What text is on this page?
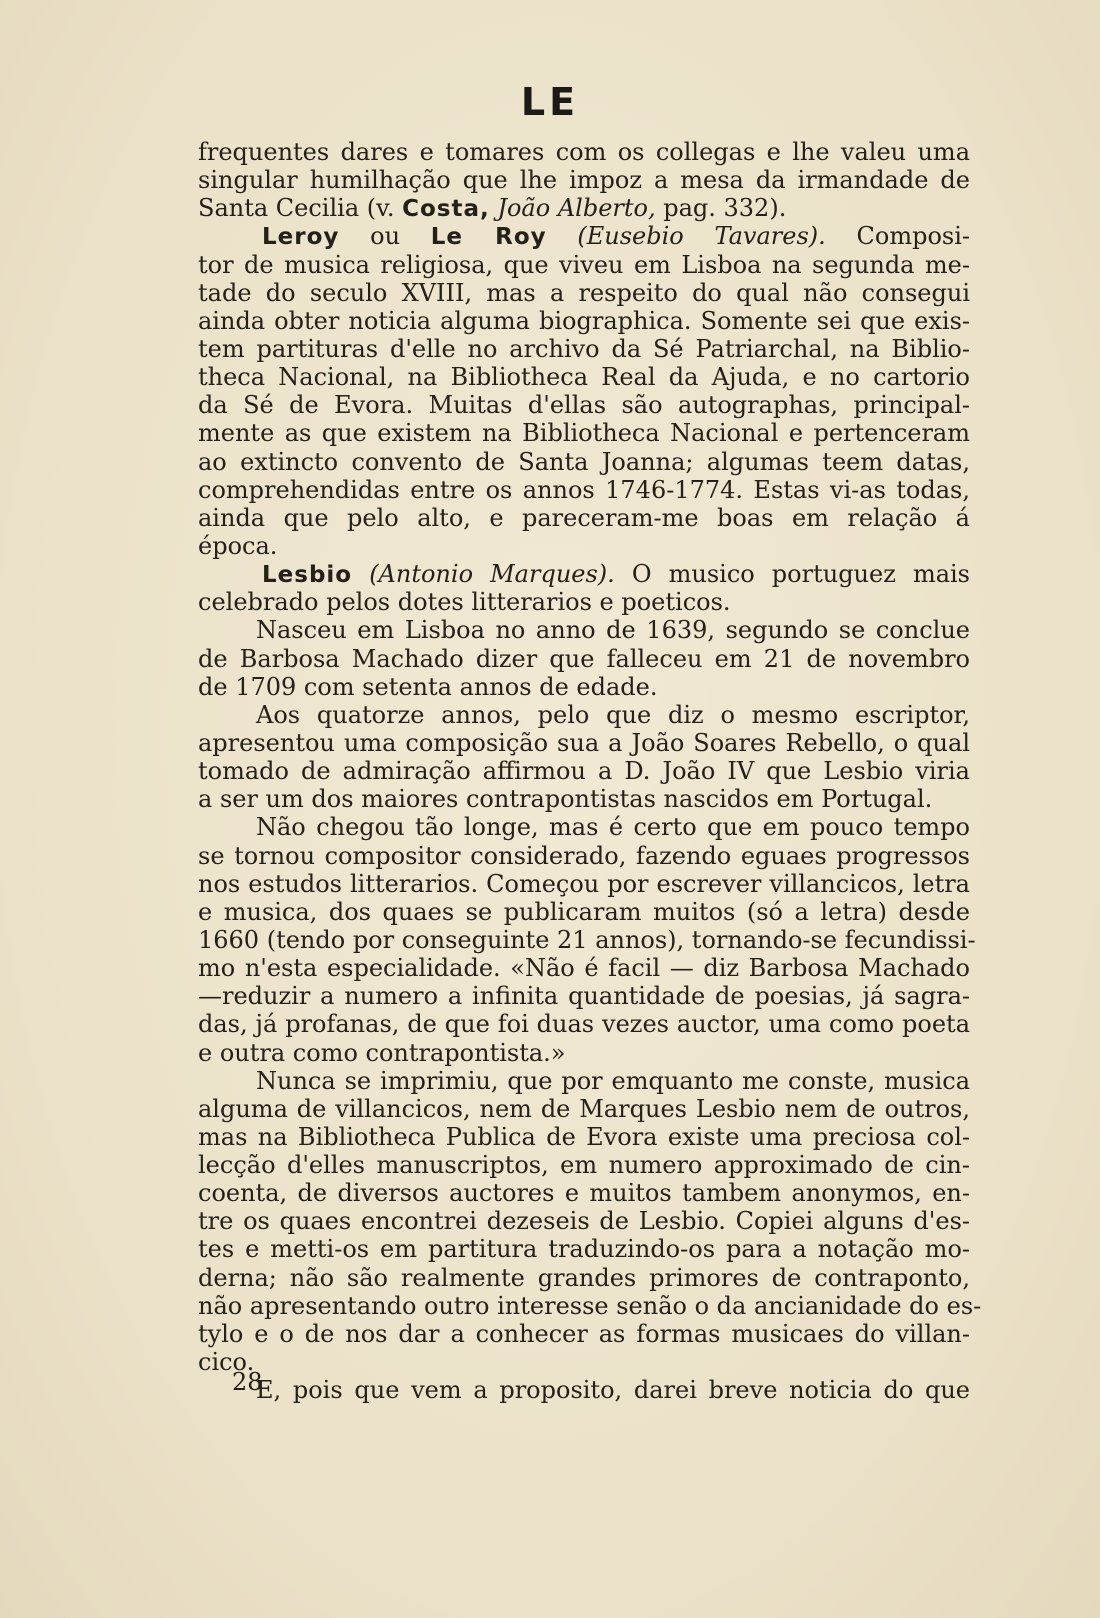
LE
frequentes dares e tomares com os collegas e lhe valeu uma
singular humilhação que lhe impoz a mesa da irmandade de
Santa Cecilia (v. Costa, João Alberto, pag. 332).
Leroy ou Le Roy (Eusebio Tavares). Composi-
tor de musica religiosa, que viveu em Lisboa na segunda me-
tade do seculo XVIII, mas a respeito do qual não consegui
ainda obter noticia alguma biographica. Somente sei que exis-
tem partituras d'elle no archivo da Sé Patriarchal, na Biblio-
theca Nacional, na Bibliotheca Real da Ajuda, e no cartorio
da Sé de Evora. Muitas d'ellas são autographas, principal-
mente as que existem na Bibliotheca Nacional e pertenceram
ao extincto convento de Santa Joanna; algumas teem datas,
comprehendidas entre os annos 1746-1774. Estas vi-as todas,
ainda que pelo alto, e pareceram-me boas em relação á
época.
Lesbio (Antonio Marques). O musico portuguez mais
celebrado pelos dotes litterarios e poeticos.
Nasceu em Lisboa no anno de 1639, segundo se conclue
de Barbosa Machado dizer que falleceu em 21 de novembro
de 1709 com setenta annos de edade.
Aos quatorze annos, pelo que diz o mesmo escriptor,
apresentou uma composição sua a João Soares Rebello, o qual
tomado de admiração affirmou a D. João IV que Lesbio viria
a ser um dos maiores contrapontistas nascidos em Portugal.
Não chegou tão longe, mas é certo que em pouco tempo
se tornou compositor considerado, fazendo eguaes progressos
nos estudos litterarios. Começou por escrever villancicos, letra
e musica, dos quaes se publicaram muitos (só a letra) desde
1660 (tendo por conseguinte 21 annos), tornando-se fecundissi-
mo n'esta especialidade. «Não é facil — diz Barbosa Machado
—reduzir a numero a infinita quantidade de poesias, já sagra-
das, já profanas, de que foi duas vezes auctor, uma como poeta
e outra como contrapontista.»
Nunca se imprimiu, que por emquanto me conste, musica
alguma de villancicos, nem de Marques Lesbio nem de outros,
mas na Bibliotheca Publica de Evora existe uma preciosa col-
lecção d'elles manuscriptos, em numero approximado de cin-
coenta, de diversos auctores e muitos tambem anonymos, en-
tre os quaes encontrei dezeseis de Lesbio. Copiei alguns d'es-
tes e metti-os em partitura traduzindo-os para a notação mo-
derna; não são realmente grandes primores de contraponto,
não apresentando outro interesse senão o da ancianidade do es-
tylo e o de nos dar a conhecer as formas musicaes do villan-
cico.
E, pois que vem a proposito, darei breve noticia do que
28
